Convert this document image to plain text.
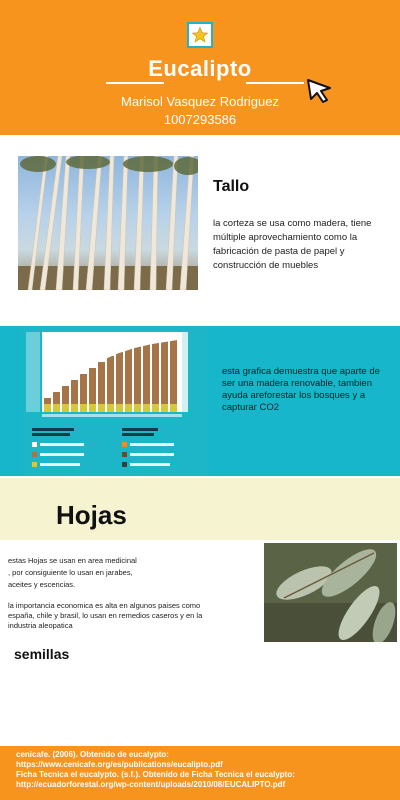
Eucalipto
Marisol Vasquez Rodriguez
1007293586
Tallo
la corteza se usa como madera, tiene múltiple aprovechamiento como la fabricación de pasta de papel y construcción de muebles
esta grafica demuestra que aparte de ser una madera renovable, tambien ayuda areforestar los bosques y a capturar CO2
Hojas
estas Hojas se usan en area medicinal , por consiguiente lo usan en jarabes, aceites y escencias.
la importancia economica es alta en algunos paises como españa, chile y brasil, lo usan en remedios caseros y en la industria aleopatica
semillas
cenicafe. (2006). Obtenido de eucalypto:
https://www.cenicafe.org/es/publications/eucalipto.pdf
Ficha Tecnica el eucalypto. (s.f.). Obtenido de Ficha Tecnica el eucalypto:
http://ecuadorforestal.org/wp-content/uploads/2010/08/EUCALIPTO.pdf
